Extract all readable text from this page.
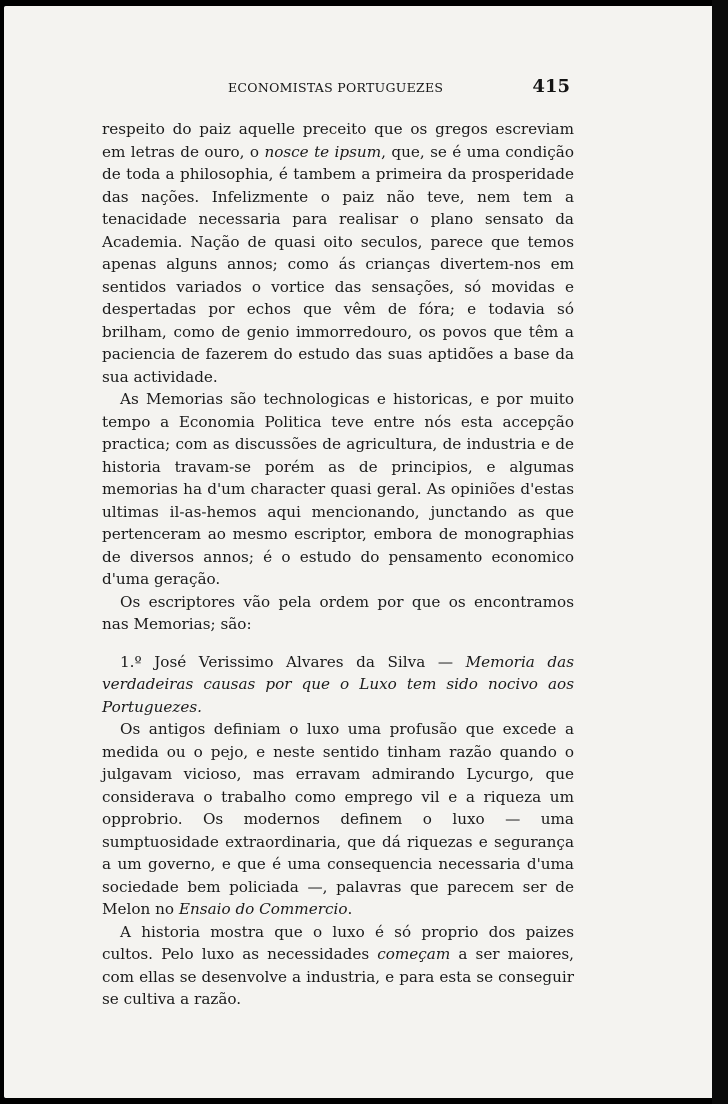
ECONOMISTAS PORTUGUEZES	415

respeito do paiz aquelle preceito que os gregos escreviam em letras de ouro, o nosce te ipsum, que, se é uma condição de toda a philosophia, é tambem a primeira da prosperidade das nações. Infelizmente o paiz não teve, nem tem a tenacidade necessaria para realisar o plano sensato da Academia. Nação de quasi oito seculos, parece que temos apenas alguns annos; como ás crianças divertem-nos em sentidos variados o vortice das sensações, só movidas e despertadas por echos que vêm de fóra; e todavia só brilham, como de genio immorredouro, os povos que têm a paciencia de fazerem do estudo das suas aptidões a base da sua actividade.

As Memorias são technologicas e historicas, e por muito tempo a Economia Politica teve entre nós esta accepção practica; com as discussões de agricultura, de industria e de historia travam-se porém as de principios, e algumas memorias ha d'um character quasi geral. As opiniões d'estas ultimas il-as-hemos aqui mencionando, junctando as que pertenceram ao mesmo escriptor, embora de monographias de diversos annos; é o estudo do pensamento economico d'uma geração.

Os escriptores vão pela ordem por que os encontramos nas Memorias; são:

1.º José Verissimo Alvares da Silva — Memoria das verdadeiras causas por que o Luxo tem sido nocivo aos Portuguezes.

Os antigos definiam o luxo uma profusão que excede a medida ou o pejo, e neste sentido tinham razão quando o julgavam vicioso, mas erravam admirando Lycurgo, que considerava o trabalho como emprego vil e a riqueza um opprobrio. Os modernos definem o luxo — uma sumptuosidade extraordinaria, que dá riquezas e segurança a um governo, e que é uma consequencia necessaria d'uma sociedade bem policiada —, palavras que parecem ser de Melon no Ensaio do Commercio.

A historia mostra que o luxo é só proprio dos paizes cultos. Pelo luxo as necessidades começam a ser maiores, com ellas se desenvolve a industria, e para esta se conseguir se cultiva a razão.
